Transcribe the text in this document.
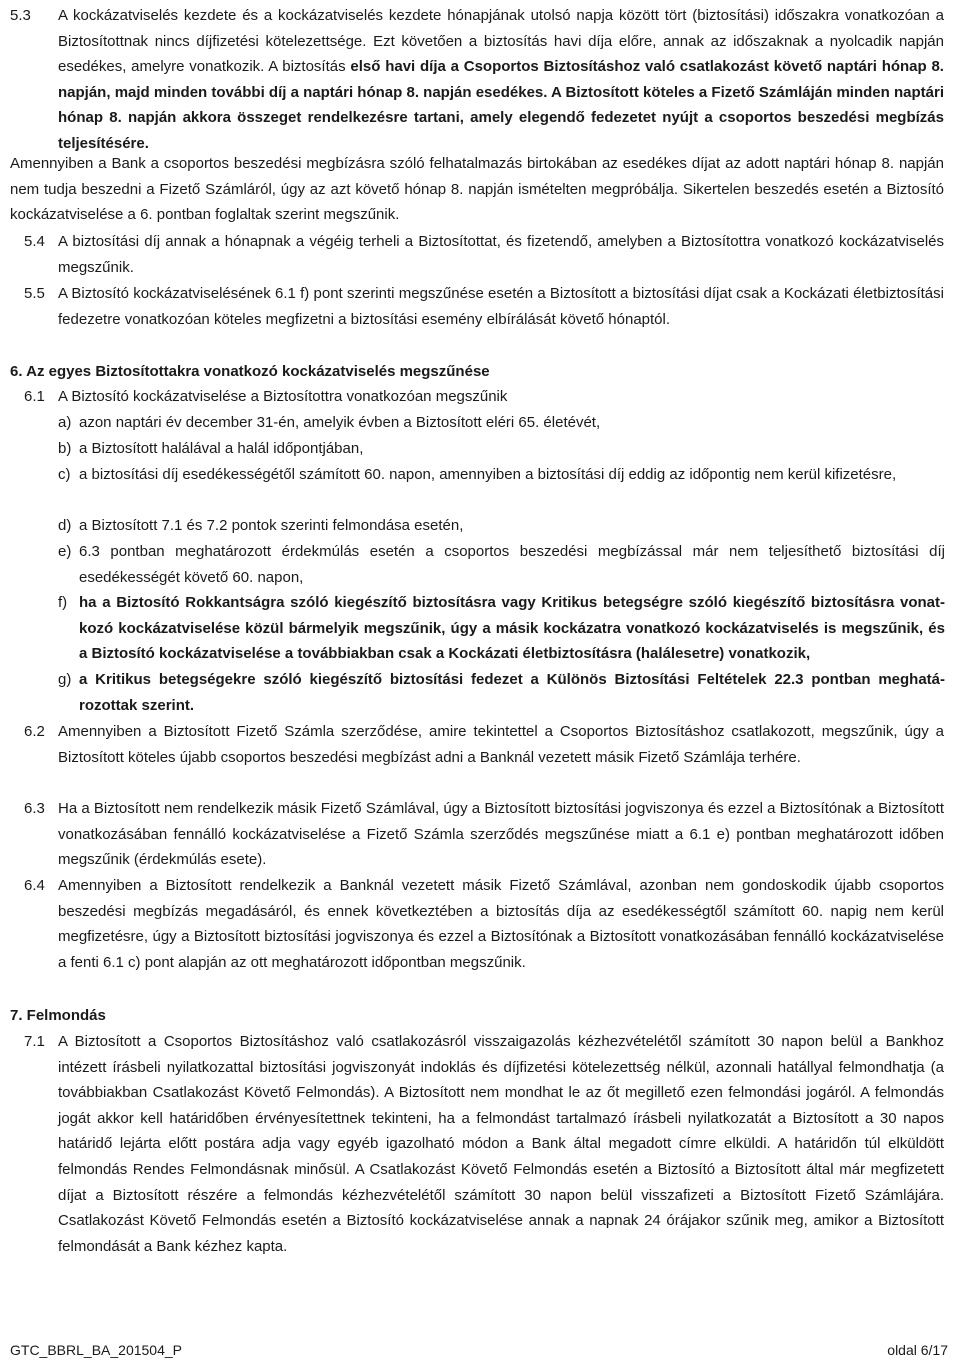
5.3 A kockázatviselés kezdete és a kockázatviselés kezdete hónapjának utolsó napja között tört (biztosítási) időszakra vonatkozóan a Biztosítottnak nincs díjfizetési kötelezettsége. Ezt követően a biztosítás havi díja előre, annak az időszaknak a nyolcadik napján esedékes, amelyre vonatkozik. A biztosítás első havi díja a Csoportos Biztosításhoz való csatlakozást követő naptári hónap 8. napján, majd minden további díj a naptári hónap 8. napján esedékes. A Biztosított köteles a Fizető Számláján minden naptári hónap 8. napján akkora összeget rendelkezésre tartani, amely elegendő fedezetet nyújt a csoportos beszedési megbízás teljesítésére.
Amennyiben a Bank a csoportos beszedési megbízásra szóló felhatalmazás birtokában az esedékes díjat az adott naptári hónap 8. napján nem tudja beszedni a Fizető Számláról, úgy az azt követő hónap 8. napján ismételten megpróbálja. Sikertelen beszedés esetén a Biztosító kockázatviselése a 6. pontban foglaltak szerint megszűnik.
5.4 A biztosítási díj annak a hónapnak a végéig terheli a Biztosítottat, és fizetendő, amelyben a Biztosítottra vonatkozó kockázatviselés megszűnik.
5.5 A Biztosító kockázatviselésének 6.1 f) pont szerinti megszűnése esetén a Biztosított a biztosítási díjat csak a Kockázati életbiztosítási fedezetre vonatkozóan köteles megfizetni a biztosítási esemény elbírálását követő hónaptól.
6. Az egyes Biztosítottakra vonatkozó kockázatviselés megszűnése
6.1 A Biztosító kockázatviselése a Biztosítottra vonatkozóan megszűnik
a) azon naptári év december 31-én, amelyik évben a Biztosított eléri 65. életévét,
b) a Biztosított halálával a halál időpontjában,
c) a biztosítási díj esedékességétől számított 60. napon, amennyiben a biztosítási díj eddig az időpontig nem kerül kifizetésre,
d) a Biztosított 7.1 és 7.2 pontok szerinti felmondása esetén,
e) 6.3 pontban meghatározott érdekmúlás esetén a csoportos beszedési megbízással már nem teljesíthető biztosítási díj esedékességét követő 60. napon,
f) ha a Biztosító Rokkantságra szóló kiegészítő biztosításra vagy Kritikus betegségre szóló kiegészítő biztosításra vonatkozó kockázatviselése közül bármelyik megszűnik, úgy a másik kockázatra vonatkozó kockázatviselés is megszűnik, és a Biztosító kockázatviselése a továbbiakban csak a Kockázati életbiztosításra (halálesetre) vonatkozik,
g) a Kritikus betegségekre szóló kiegészítő biztosítási fedezet a Különös Biztosítási Feltételek 22.3 pontban meghatározottak szerint.
6.2 Amennyiben a Biztosított Fizető Számla szerződése, amire tekintettel a Csoportos Biztosításhoz csatlakozott, megszűnik, úgy a Biztosított köteles újabb csoportos beszedési megbízást adni a Banknál vezetett másik Fizető Számlája terhére.
6.3 Ha a Biztosított nem rendelkezik másik Fizető Számlával, úgy a Biztosított biztosítási jogviszonya és ezzel a Biztosítónak a Biztosított vonatkozásában fennálló kockázatviselése a Fizető Számla szerződés megszűnése miatt a 6.1 e) pontban meghatározott időben megszűnik (érdekmúlás esete).
6.4 Amennyiben a Biztosított rendelkezik a Banknál vezetett másik Fizető Számlával, azonban nem gondoskodik újabb csoportos beszedési megbízás megadásáról, és ennek következtében a biztosítás díja az esedékességtől számított 60. napig nem kerül megfizetésre, úgy a Biztosított biztosítási jogviszonya és ezzel a Biztosítónak a Biztosított vonatkozásában fennálló kockázatviselése a fenti 6.1 c) pont alapján az ott meghatározott időpontban megszűnik.
7. Felmondás
7.1 A Biztosított a Csoportos Biztosításhoz való csatlakozásról visszaigazolás kézhezvételétől számított 30 napon belül a Bankhoz intézett írásbeli nyilatkozattal biztosítási jogviszonyát indoklás és díjfizetési kötelezettség nélkül, azonnali hatállyal felmondhatja (a továbbiakban Csatlakozást Követő Felmondás). A Biztosított nem mondhat le az őt megillető ezen felmondási jogáról. A felmondás jogát akkor kell határidőben érvényesítettnek tekinteni, ha a felmondást tartalmazó írásbeli nyilatkozatát a Biztosított a 30 napos határidő lejárta előtt postára adja vagy egyéb igazolható módon a Bank által megadott címre elküldi. A határidőn túl elküldött felmondás Rendes Felmondásnak minősül. A Csatlakozást Követő Felmondás esetén a Biztosító a Biztosított által már megfizetett díjat a Biztosított részére a felmondás kézhezvételétől számított 30 napon belül visszafizeti a Biztosított Fizető Számlájára. Csatlakozást Követő Felmondás esetén a Biztosító kockázatviselése annak a napnak 24 órájakor szűnik meg, amikor a Biztosított felmondását a Bank kézhez kapta.
GTC_BBRL_BA_201504_P	oldal 6/17
